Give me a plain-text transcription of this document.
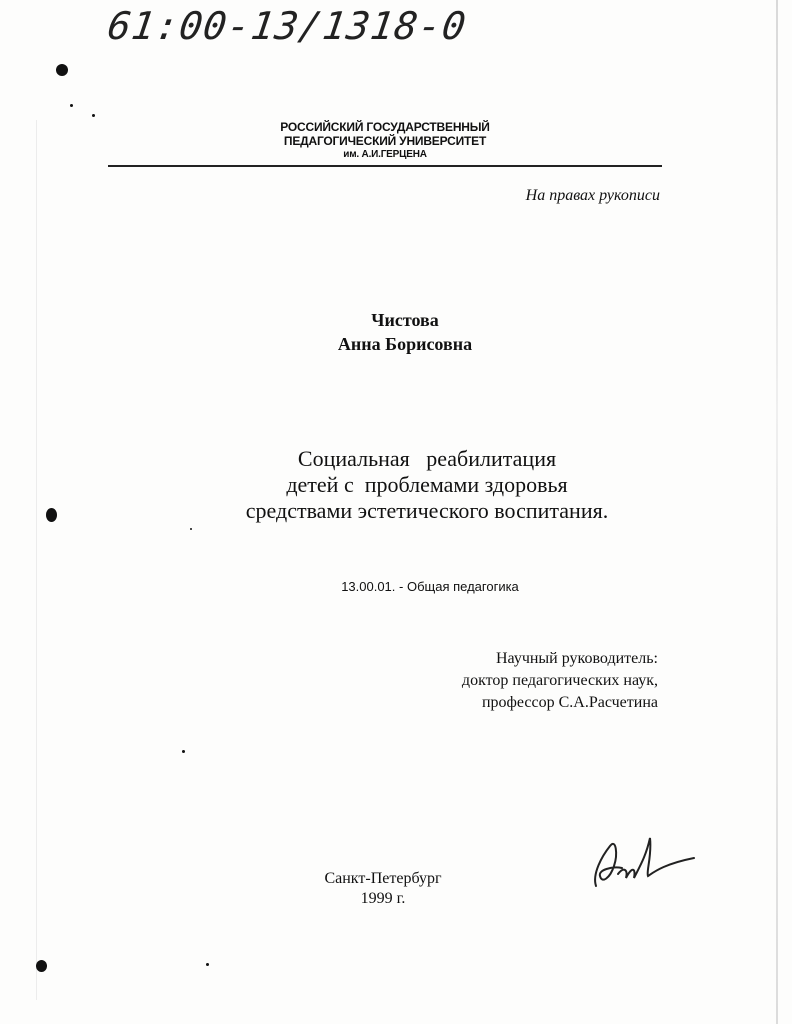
61:00-13/1318-0
РОССИЙСКИЙ ГОСУДАРСТВЕННЫЙ
ПЕДАГОГИЧЕСКИЙ УНИВЕРСИТЕТ
им. А.И.ГЕРЦЕНА
На правах рукописи
Чистова
Анна Борисовна
Социальная   реабилитация
детей с  проблемами здоровья
средствами эстетического воспитания.
13.00.01. - Общая педагогика
Научный руководитель:
доктор педагогических наук,
профессор С.А.Расчетина
Санкт-Петербург
1999 г.
